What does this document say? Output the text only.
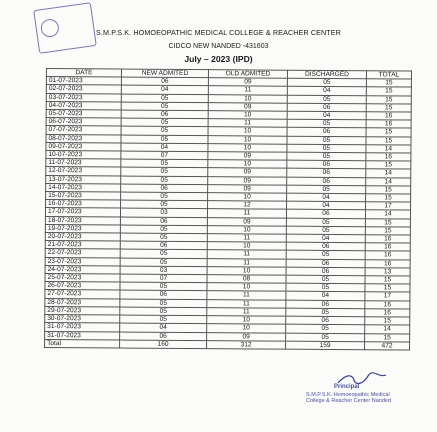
S.M.P.S.K. HOMOEOPATHIC MEDICAL COLLEGE & REACHER CENTER
CIDCO NEW NANDED -431603
July – 2023 (IPD)
DATE	NEW ADMITED	OLD ADMITED	DISCHARGED	TOTAL
01-07-2023	06	09	05	15
02-07-2023	04	11	04	15
03-07-2023	05	10	05	15
04-07-2023	05	09	06	15
05-07-2023	06	10	04	16
06-07-2023	05	11	05	16
07-07-2023	05	10	06	15
08-07-2023	05	10	05	15
09-07-2023	04	10	05	14
10-07-2023	07	09	05	16
11-07-2023	05	10	06	15
12-07-2023	05	09	06	14
13-07-2023	05	09	06	14
14-07-2023	06	09	05	15
15-07-2023	05	10	04	15
16-07-2023	05	12	04	17
17-07-2023	03	11	06	14
18-07-2023	06	09	05	15
19-07-2023	05	10	05	15
20-07-2023	05	11	04	16
21-07-2023	06	10	06	16
22-07-2023	05	11	05	16
23-07-2023	05	11	06	16
24-07-2023	03	10	06	13
25-07-2023	07	08	05	15
26-07-2023	05	10	05	15
27-07-2023	06	11	04	17
28-07-2023	05	11	06	16
29-07-2023	05	11	05	16
30-07-2023	05	10	06	15
31-07-2023	04	10	05	14
31-07-2023	06	09	05	15
Total	160	312	159	472
Principal
S.M.P.S.K. Homoeopathic Medical
College & Reacher Center Nanded
